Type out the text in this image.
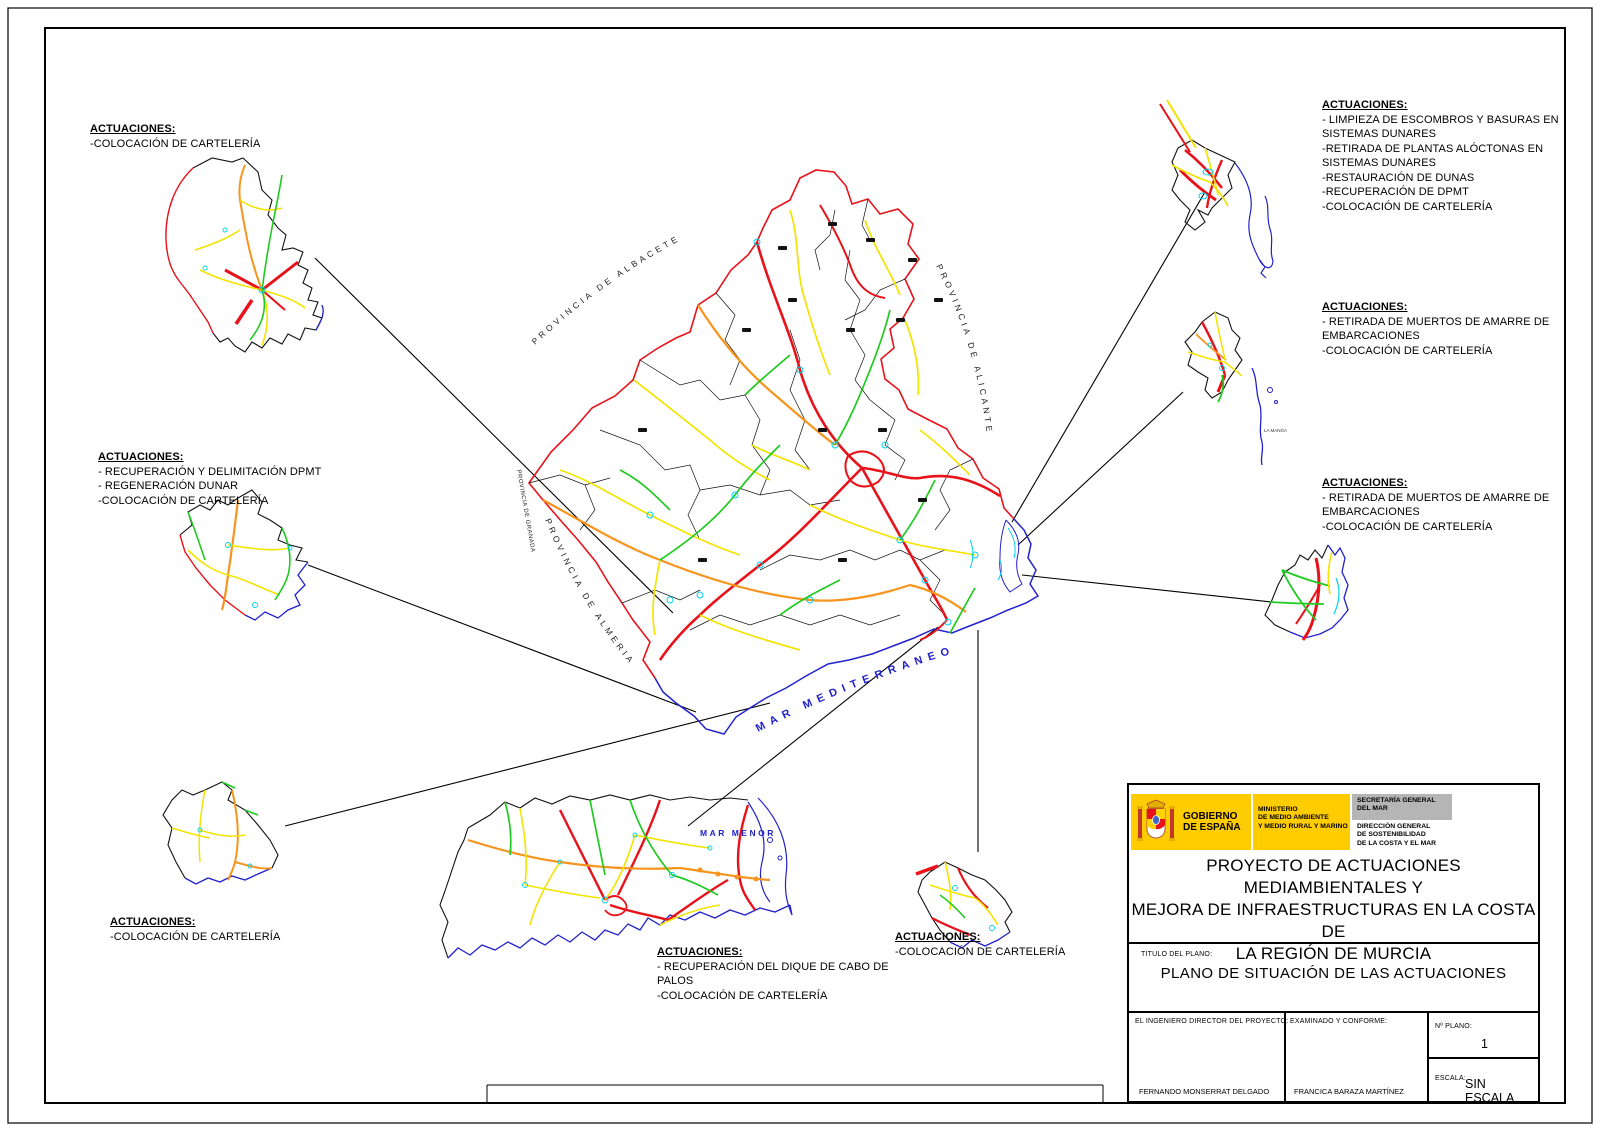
PROVINCIA DE ALBACETE
PROVINCIA DE ALICANTE
PROVINCIA DE ALMERIA
MAR MEDITERRANEO
PROVINCIA DE GRANADA
LORCA
AGUILAS
MAZARRON	MAR MENOR
CARTAGENA
LA UNION
PORTMAN
S.JAVIER
LA MANGA
SAN PEDRO
DEL PINATAR
LO PAGAN
LOS ALCAZARES
ACTUACIONES:
-COLOCACIÓN DE CARTELERÍA
ACTUACIONES:
- LIMPIEZA DE ESCOMBROS Y BASURAS EN
SISTEMAS DUNARES
-RETIRADA DE PLANTAS ALÓCTONAS EN
SISTEMAS DUNARES
-RESTAURACIÓN DE DUNAS
-RECUPERACIÓN DE DPMT
-COLOCACIÓN DE CARTELERÍA
ACTUACIONES:
- RETIRADA DE MUERTOS DE AMARRE DE
EMBARCACIONES
-COLOCACIÓN DE CARTELERÍA
ACTUACIONES:
- RETIRADA DE MUERTOS DE AMARRE DE
EMBARCACIONES
-COLOCACIÓN DE CARTELERÍA
ACTUACIONES:
- RECUPERACIÓN Y DELIMITACIÓN DPMT
- REGENERACIÓN DUNAR
-COLOCACIÓN DE CARTELERÍA
ACTUACIONES:
-COLOCACIÓN DE CARTELERÍA
ACTUACIONES:
- RECUPERACIÓN DEL DIQUE DE CABO DE
PALOS
-COLOCACIÓN DE CARTELERÍA
ACTUACIONES:
-COLOCACIÓN DE CARTELERÍA
GOBIERNO
DE ESPAÑA
MINISTERIO
DE MEDIO AMBIENTE
Y MEDIO RURAL Y MARINO
SECRETARÍA GENERAL
DEL MAR
DIRECCIÓN GENERAL
DE SOSTENIBILIDAD
DE LA COSTA Y EL MAR
PROYECTO DE ACTUACIONES MEDIAMBIENTALES Y
MEJORA DE INFRAESTRUCTURAS EN LA COSTA DE
LA REGIÓN DE MURCIA
TITULO DEL PLANO:
PLANO DE SITUACIÓN DE LAS ACTUACIONES
EL INGENIERO DIRECTOR DEL PROYECTO:
FERNANDO MONSERRAT DELGADO
EXAMINADO Y CONFORME:
FRANCICA BARAZA MARTÍNEZ
Nº PLANO:
1
ESCALA: SIN ESCALA
